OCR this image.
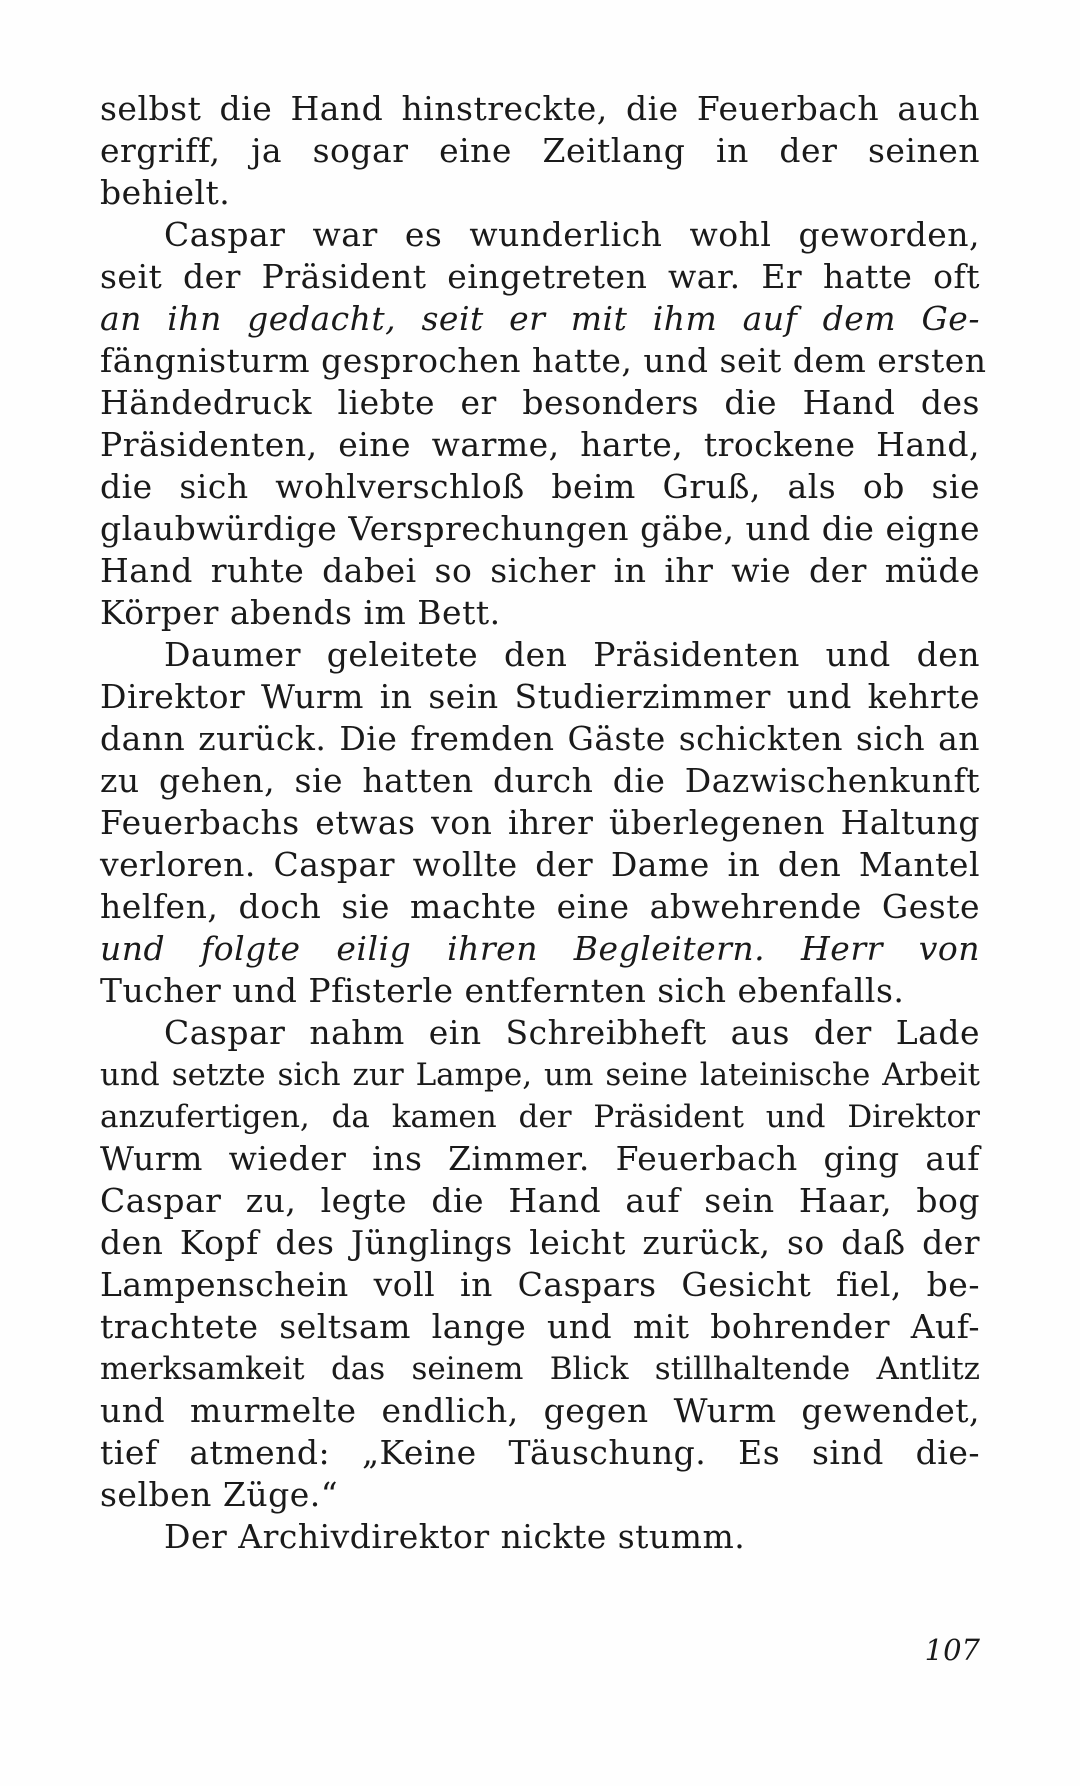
selbst die Hand hinstreckte, die Feuerbach auch
ergriff, ja sogar eine Zeitlang in der seinen
behielt.
Caspar war es wunderlich wohl geworden,
seit der Präsident eingetreten war. Er hatte oft
an ihn gedacht, seit er mit ihm auf dem Ge-
fängnisturm gesprochen hatte, und seit dem ersten
Händedruck liebte er besonders die Hand des
Präsidenten, eine warme, harte, trockene Hand,
die sich wohlverschloß beim Gruß, als ob sie
glaubwürdige Versprechungen gäbe, und die eigne
Hand ruhte dabei so sicher in ihr wie der müde
Körper abends im Bett.
Daumer geleitete den Präsidenten und den
Direktor Wurm in sein Studierzimmer und kehrte
dann zurück. Die fremden Gäste schickten sich an
zu gehen, sie hatten durch die Dazwischenkunft
Feuerbachs etwas von ihrer überlegenen Haltung
verloren. Caspar wollte der Dame in den Mantel
helfen, doch sie machte eine abwehrende Geste
und folgte eilig ihren Begleitern. Herr von
Tucher und Pfisterle entfernten sich ebenfalls.
Caspar nahm ein Schreibheft aus der Lade
und setzte sich zur Lampe, um seine lateinische Arbeit
anzufertigen, da kamen der Präsident und Direktor
Wurm wieder ins Zimmer. Feuerbach ging auf
Caspar zu, legte die Hand auf sein Haar, bog
den Kopf des Jünglings leicht zurück, so daß der
Lampenschein voll in Caspars Gesicht fiel, be-
trachtete seltsam lange und mit bohrender Auf-
merksamkeit das seinem Blick stillhaltende Antlitz
und murmelte endlich, gegen Wurm gewendet,
tief atmend: „Keine Täuschung. Es sind die-
selben Züge.“
Der Archivdirektor nickte stumm.
107
